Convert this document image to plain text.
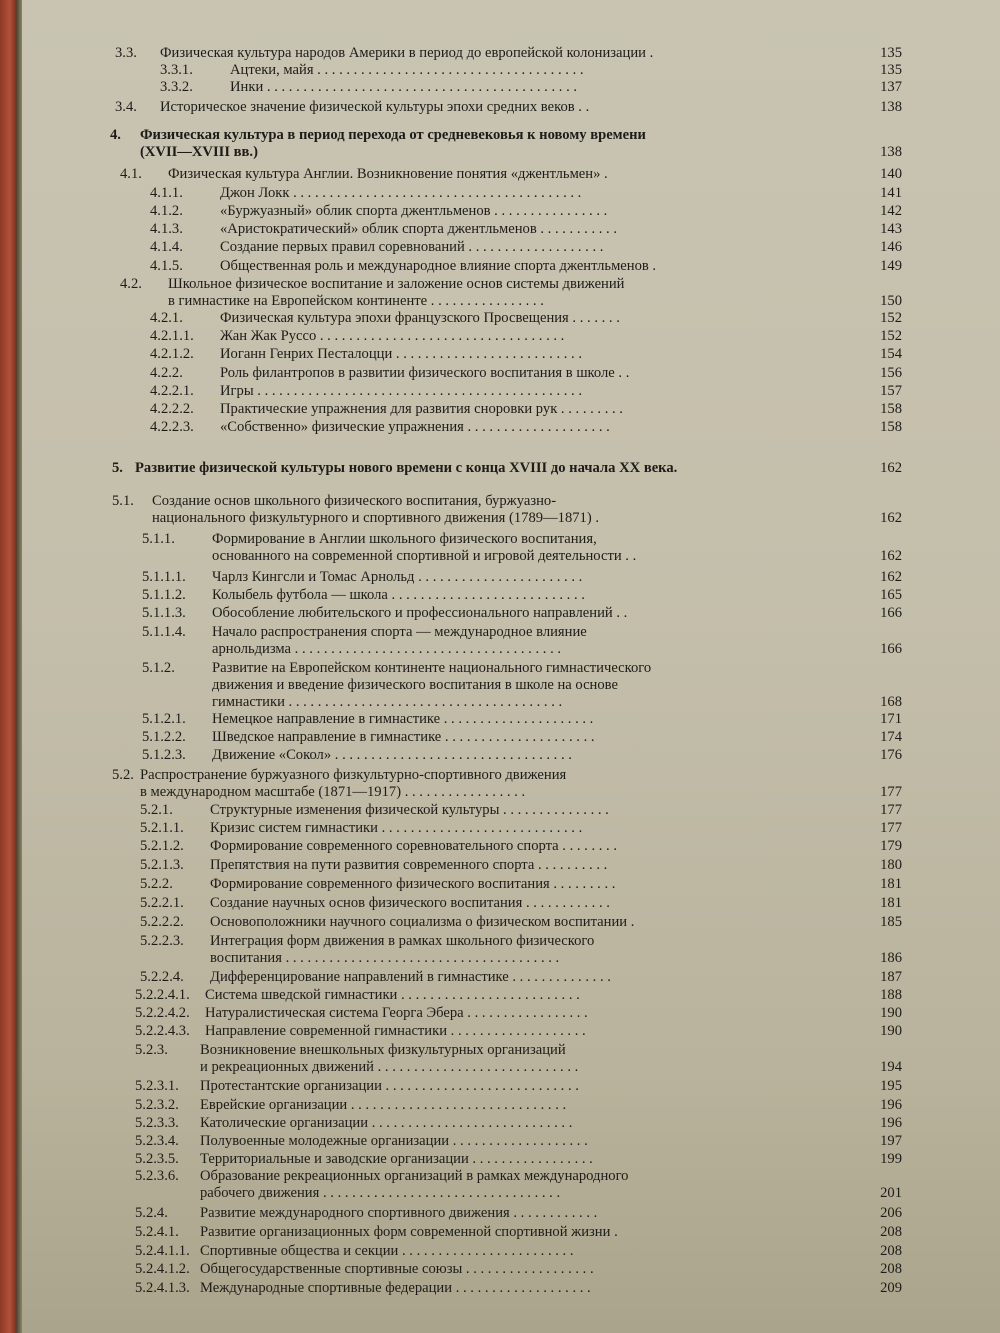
3.3. Физическая культура народов Америки в период до европейской колонизации .	135
3.3.1.	Ацтеки, майя . . . . . . . . . . . . . . . . . . . . . . . . . . . . . . . . . . . . .	135
3.3.2.	Инки . . . . . . . . . . . . . . . . . . . . . . . . . . . . . . . . . . . . . . . . . . .	137
3.4. Историческое значение физической культуры эпохи средних веков . .	138
4. Физическая культура в период перехода от средневековья к новому времени
(XVII—XVIII вв.)	138
4.1. Физическая культура Англии. Возникновение понятия «джентльмен» .	140
4.1.1.	Джон Локк . . . . . . . . . . . . . . . . . . . . . . . . . . . . . . . . . . . . . . . .	141
4.1.2.	«Буржуазный» облик спорта джентльменов . . . . . . . . . . . . . . . .	142
4.1.3.	«Аристократический» облик спорта джентльменов . . . . . . . . . . .	143
4.1.4.	Создание первых правил соревнований . . . . . . . . . . . . . . . . . . .	146
4.1.5.	Общественная роль и международное влияние спорта джентльменов .	149
4.2. Школьное физическое воспитание и заложение основ системы движений
в гимнастике на Европейском континенте . . . . . . . . . . . . . . . .	150
4.2.1.	Физическая культура эпохи французского Просвещения . . . . . . .	152
4.2.1.1. Жан Жак Руссо . . . . . . . . . . . . . . . . . . . . . . . . . . . . . . . . . .	152
4.2.1.2. Иоганн Генрих Песталоцци . . . . . . . . . . . . . . . . . . . . . . . . . .	154
4.2.2.	Роль филантропов в развитии физического воспитания в школе . .	156
4.2.2.1. Игры . . . . . . . . . . . . . . . . . . . . . . . . . . . . . . . . . . . . . . . . . . . . .	157
4.2.2.2. Практические упражнения для развития сноровки рук . . . . . . . . .	158
4.2.2.3. «Собственно» физические упражнения . . . . . . . . . . . . . . . . . . . .	158
5. Развитие физической культуры нового времени с конца XVIII до начала XX века.	162
5.1. Создание основ школьного физического воспитания, буржуазно-
национального физкультурного и спортивного движения (1789—1871) .	162
5.1.1.	Формирование в Англии школьного физического воспитания,
основанного на современной спортивной и игровой деятельности . .	162
5.1.1.1. Чарлз Кингсли и Томас Арнольд . . . . . . . . . . . . . . . . . . . . . . .	162
5.1.1.2. Колыбель футбола — школа . . . . . . . . . . . . . . . . . . . . . . . . . . .	165
5.1.1.3. Обособление любительского и профессионального направлений . .	166
5.1.1.4. Начало распространения спорта — международное влияние
арнольдизма . . . . . . . . . . . . . . . . . . . . . . . . . . . . . . . . . . . . .	166
5.1.2.	Развитие на Европейском континенте национального гимнастического
движения и введение физического воспитания в школе на основе
гимнастики . . . . . . . . . . . . . . . . . . . . . . . . . . . . . . . . . . . . . .	168
5.1.2.1. Немецкое направление в гимнастике . . . . . . . . . . . . . . . . . . . . .	171
5.1.2.2. Шведское направление в гимнастике . . . . . . . . . . . . . . . . . . . . .	174
5.1.2.3. Движение «Сокол» . . . . . . . . . . . . . . . . . . . . . . . . . . . . . . . . .	176
5.2. Распространение буржуазного физкультурно-спортивного движения
в международном масштабе (1871—1917) . . . . . . . . . . . . . . . . .	177
5.2.1.	Структурные изменения физической культуры . . . . . . . . . . . . . . .	177
5.2.1.1. Кризис систем гимнастики . . . . . . . . . . . . . . . . . . . . . . . . . . . .	177
5.2.1.2. Формирование современного соревновательного спорта . . . . . . . .	179
5.2.1.3. Препятствия на пути развития современного спорта . . . . . . . . . .	180
5.2.2.	Формирование современного физического воспитания . . . . . . . . .	181
5.2.2.1. Создание научных основ физического воспитания . . . . . . . . . . . .	181
5.2.2.2. Основоположники научного социализма о физическом воспитании .	185
5.2.2.3. Интеграция форм движения в рамках школьного физического
воспитания . . . . . . . . . . . . . . . . . . . . . . . . . . . . . . . . . . . . . .	186
5.2.2.4. Дифференцирование направлений в гимнастике . . . . . . . . . . . . . .	187
5.2.2.4.1. Система шведской гимнастики . . . . . . . . . . . . . . . . . . . . . . . . .	188
5.2.2.4.2. Натуралистическая система Георга Эбера . . . . . . . . . . . . . . . . .	190
5.2.2.4.3. Направление современной гимнастики . . . . . . . . . . . . . . . . . . .	190
5.2.3. Возникновение внешкольных физкультурных организаций
и рекреационных движений . . . . . . . . . . . . . . . . . . . . . . . . . . . .	194
5.2.3.1. Протестантские организации . . . . . . . . . . . . . . . . . . . . . . . . . . .	195
5.2.3.2. Еврейские организации . . . . . . . . . . . . . . . . . . . . . . . . . . . . . .	196
5.2.3.3. Католические организации . . . . . . . . . . . . . . . . . . . . . . . . . . . .	196
5.2.3.4. Полувоенные молодежные организации . . . . . . . . . . . . . . . . . . .	197
5.2.3.5. Территориальные и заводские организации . . . . . . . . . . . . . . . . .	199
5.2.3.6. Образование рекреационных организаций в рамках международного
рабочего движения . . . . . . . . . . . . . . . . . . . . . . . . . . . . . . . . .	201
5.2.4. Развитие международного спортивного движения . . . . . . . . . . . .	206
5.2.4.1. Развитие организационных форм современной спортивной жизни .	208
5.2.4.1.1. Спортивные общества и секции . . . . . . . . . . . . . . . . . . . . . . . .	208
5.2.4.1.2. Общегосударственные спортивные союзы . . . . . . . . . . . . . . . . . .	208
5.2.4.1.3. Международные спортивные федерации . . . . . . . . . . . . . . . . . . .	209
